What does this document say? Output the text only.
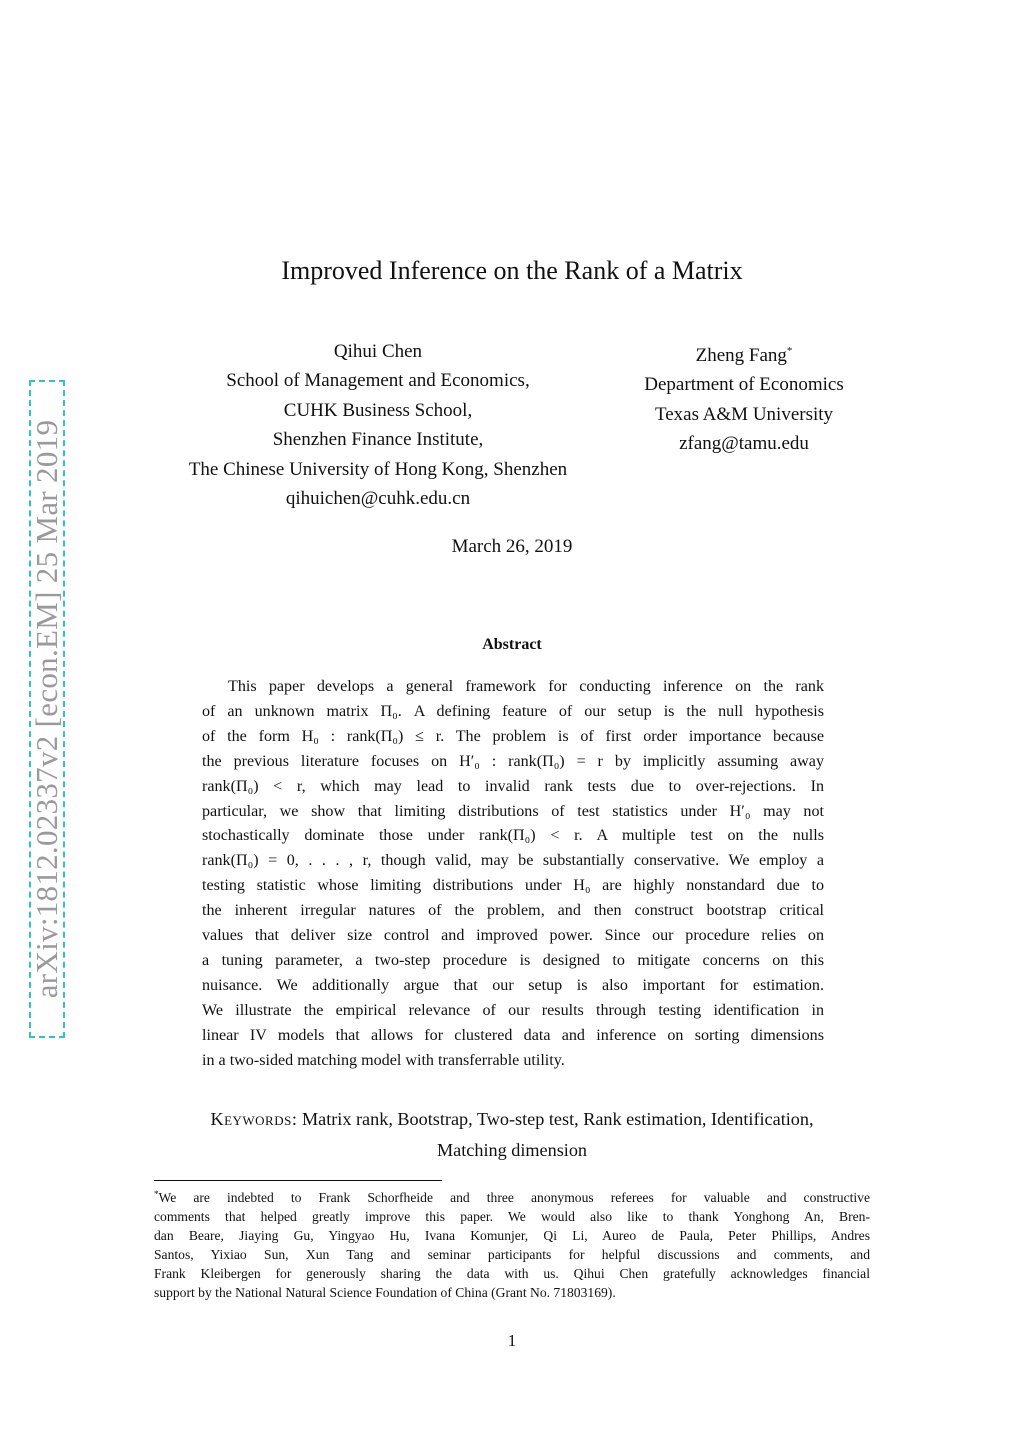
arXiv:1812.02337v2 [econ.EM] 25 Mar 2019
Improved Inference on the Rank of a Matrix
Qihui Chen
School of Management and Economics,
CUHK Business School,
Shenzhen Finance Institute,
The Chinese University of Hong Kong, Shenzhen
qihuichen@cuhk.edu.cn
Zheng Fang*
Department of Economics
Texas A&M University
zfang@tamu.edu
March 26, 2019
Abstract
This paper develops a general framework for conducting inference on the rank
of an unknown matrix Π₀. A defining feature of our setup is the null hypothesis
of the form H₀ : rank(Π₀) ≤ r. The problem is of first order importance because
the previous literature focuses on H′₀ : rank(Π₀) = r by implicitly assuming away
rank(Π₀) < r, which may lead to invalid rank tests due to over-rejections. In
particular, we show that limiting distributions of test statistics under H′₀ may not
stochastically dominate those under rank(Π₀) < r. A multiple test on the nulls
rank(Π₀) = 0, . . . , r, though valid, may be substantially conservative. We employ a
testing statistic whose limiting distributions under H₀ are highly nonstandard due to
the inherent irregular natures of the problem, and then construct bootstrap critical
values that deliver size control and improved power. Since our procedure relies on
a tuning parameter, a two-step procedure is designed to mitigate concerns on this
nuisance. We additionally argue that our setup is also important for estimation.
We illustrate the empirical relevance of our results through testing identification in
linear IV models that allows for clustered data and inference on sorting dimensions
in a two-sided matching model with transferrable utility.
Keywords: Matrix rank, Bootstrap, Two-step test, Rank estimation, Identification,
Matching dimension
*We are indebted to Frank Schorfheide and three anonymous referees for valuable and constructive
comments that helped greatly improve this paper. We would also like to thank Yonghong An, Bren-
dan Beare, Jiaying Gu, Yingyao Hu, Ivana Komunjer, Qi Li, Aureo de Paula, Peter Phillips, Andres
Santos, Yixiao Sun, Xun Tang and seminar participants for helpful discussions and comments, and
Frank Kleibergen for generously sharing the data with us. Qihui Chen gratefully acknowledges financial
support by the National Natural Science Foundation of China (Grant No. 71803169).
1
